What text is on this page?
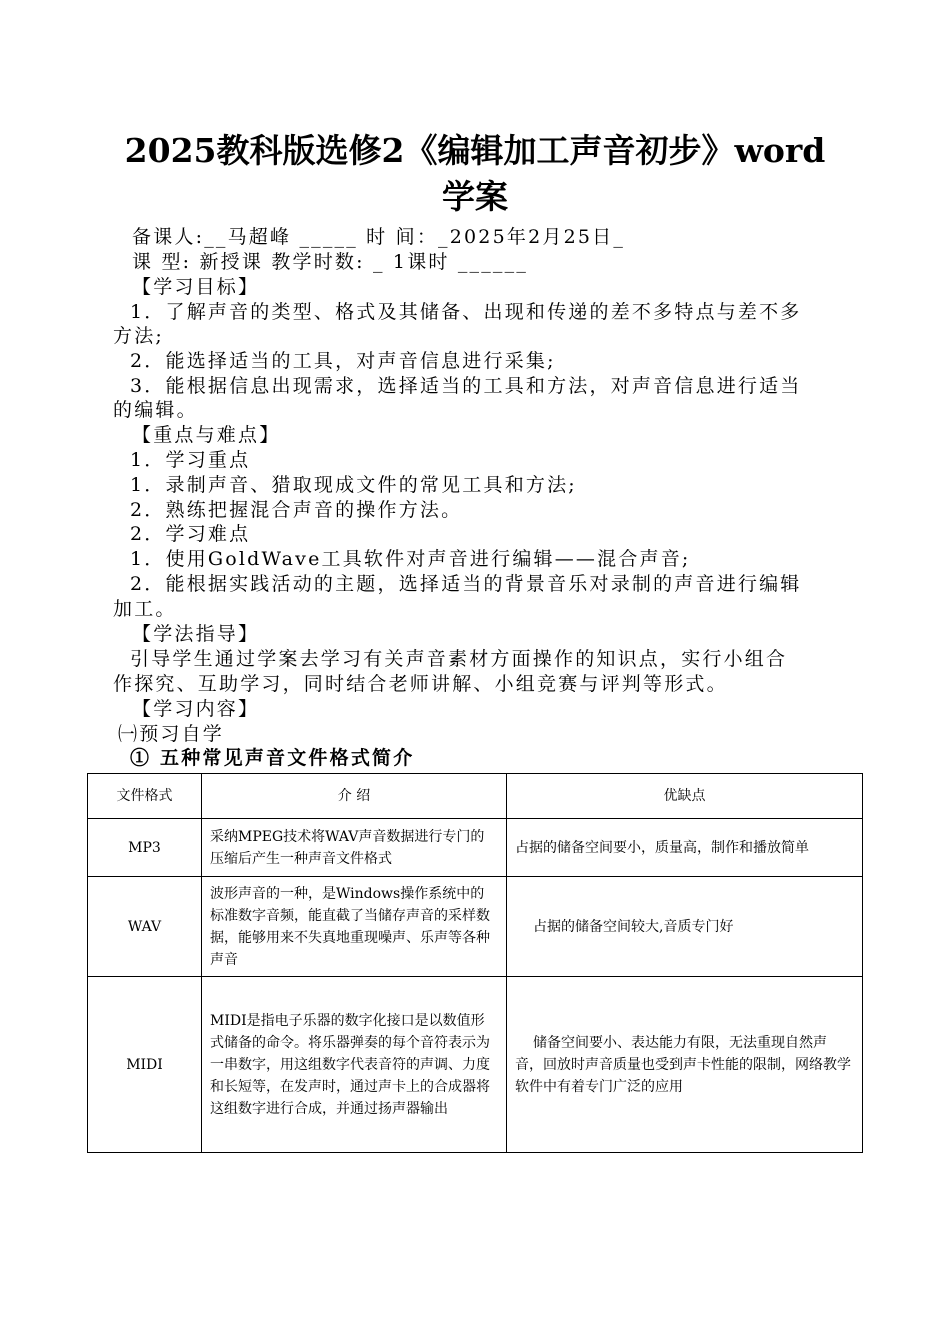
2025教科版选修2《编辑加工声音初步》word
学案
备课人:__马超峰 _____ 时 间：_2025年2月25日_
课 型: 新授课 教学时数: _ 1课时 ______
【学习目标】
1．了解声音的类型、格式及其储备、出现和传递的差不多特点与差不多
方法;
2．能选择适当的工具，对声音信息进行采集;
3．能根据信息出现需求，选择适当的工具和方法，对声音信息进行适当
的编辑。
【重点与难点】
1．学习重点
1．录制声音、猎取现成文件的常见工具和方法;
2．熟练把握混合声音的操作方法。
2．学习难点
1．使用GoldWave工具软件对声音进行编辑——混合声音;
2．能根据实践活动的主题，选择适当的背景音乐对录制的声音进行编辑
加工。
【学法指导】
引导学生通过学案去学习有关声音素材方面操作的知识点，实行小组合
作探究、互助学习，同时结合老师讲解、小组竞赛与评判等形式。
【学习内容】
㈠预习自学
① 五种常见声音文件格式简介
文件格式	介 绍	优缺点
MP3	采纳MPEG技术将WAV声音数据进行专门的压缩后产生一种声音文件格式	占据的储备空间要小，质量高，制作和播放简单
WAV	波形声音的一种，是Windows操作系统中的标准数字音频，能直截了当储存声音的采样数据，能够用来不失真地重现噪声、乐声等各种声音	占据的储备空间较大,音质专门好
MIDI	MIDI是指电子乐器的数字化接口是以数值形式储备的命令。将乐器弹奏的每个音符表示为一串数字，用这组数字代表音符的声调、力度和长短等，在发声时，通过声卡上的合成器将这组数字进行合成，并通过扬声器输出	储备空间要小、表达能力有限，无法重现自然声音，回放时声音质量也受到声卡性能的限制，网络教学软件中有着专门广泛的应用
